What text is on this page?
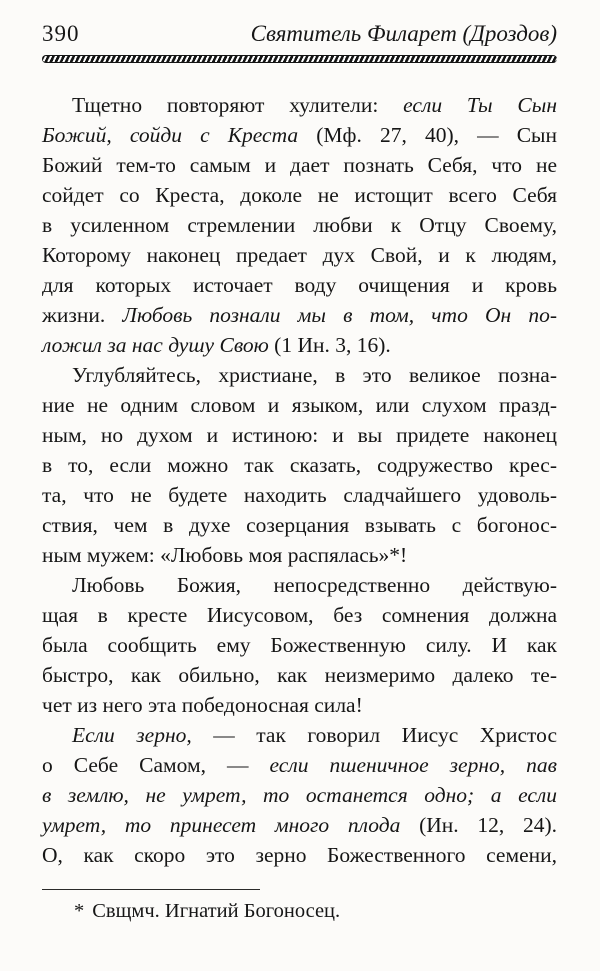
390	Святитель Филарет (Дроздов)
Тщетно повторяют хулители: если Ты Сын
Божий, сойди с Креста (Мф. 27, 40), — Сын
Божий тем-то самым и дает познать Себя, что не
сойдет со Креста, доколе не истощит всего Себя
в усиленном стремлении любви к Отцу Своему,
Которому наконец предает дух Свой, и к людям,
для которых источает воду очищения и кровь
жизни. Любовь познали мы в том, что Он по-
ложил за нас душу Свою (1 Ин. 3, 16).
Углубляйтесь, христиане, в это великое позна-
ние не одним словом и языком, или слухом празд-
ным, но духом и истиною: и вы придете наконец
в то, если можно так сказать, содружество крес-
та, что не будете находить сладчайшего удоволь-
ствия, чем в духе созерцания взывать с богонос-
ным мужем: «Любовь моя распялась»*!
Любовь Божия, непосредственно действую-
щая в кресте Иисусовом, без сомнения должна
была сообщить ему Божественную силу. И как
быстро, как обильно, как неизмеримо далеко те-
чет из него эта победоносная сила!
Если зерно, — так говорил Иисус Христос
о Себе Самом, — если пшеничное зерно, пав
в землю, не умрет, то останется одно; а если
умрет, то принесет много плода (Ин. 12, 24).
О, как скоро это зерно Божественного семени,
* Свщмч. Игнатий Богоносец.
